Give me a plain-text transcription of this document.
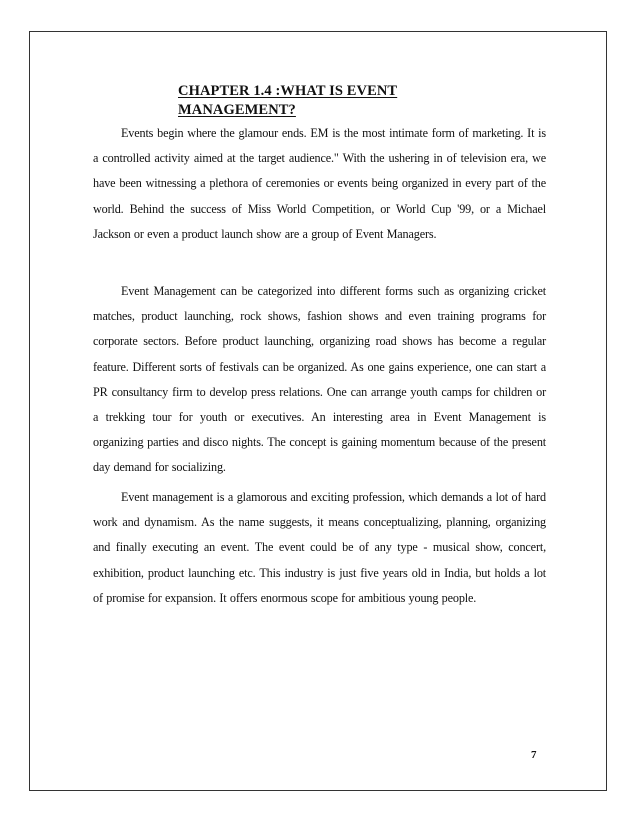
CHAPTER 1.4 :WHAT IS EVENT MANAGEMENT?

Events begin where the glamour ends. EM is the most intimate form of marketing. It is a controlled activity aimed at the target audience." With the ushering in of television era, we have been witnessing a plethora of ceremonies or events being organized in every part of the world. Behind the success of Miss World Competition, or World Cup '99, or a Michael Jackson or even a product launch show are a group of Event Managers.

Event Management can be categorized into different forms such as organizing cricket matches, product launching, rock shows, fashion shows and even training programs for corporate sectors. Before product launching, organizing road shows has become a regular feature. Different sorts of festivals can be organized. As one gains experience, one can start a PR consultancy firm to develop press relations. One can arrange youth camps for children or a trekking tour for youth or executives. An interesting area in Event Management is organizing parties and disco nights. The concept is gaining momentum because of the present day demand for socializing.

Event management is a glamorous and exciting profession, which demands a lot of hard work and dynamism. As the name suggests, it means conceptualizing, planning, organizing and finally executing an event. The event could be of any type - musical show, concert, exhibition, product launching etc. This industry is just five years old in India, but holds a lot of promise for expansion. It offers enormous scope for ambitious young people.

7
